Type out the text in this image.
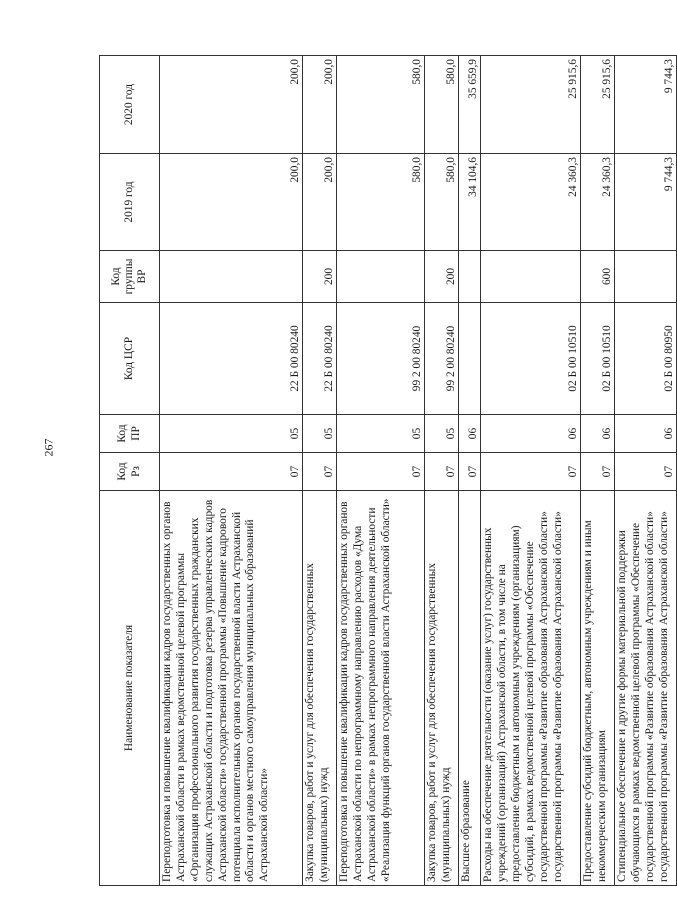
267
Наименование показателя	Код Рз	Код ПР	Код ЦСР	Код группы ВР	2019 год	2020 год
Переподготовка и повышение квалификации кадров государственных органов Астраханской области в рамках ведомственной целевой программы «Организация профессионального развития государственных гражданских служащих Астраханской области и подготовка резерва управленческих кадров Астраханской области» государственной программы «Повышение кадрового потенциала исполнительных органов государственной власти Астраханской области и органов местного самоуправления муниципальных образований Астраханской области»	07	05	22 Б 00 80240		200,0	200,0
Закупка товаров, работ и услуг для обеспечения государственных (муниципальных) нужд	07	05	22 Б 00 80240	200	200,0	200,0
Переподготовка и повышение квалификации кадров государственных органов Астраханской области по непрограммному направлению расходов «Дума Астраханской области» в рамках непрограммного направления деятельности «Реализация функций органов государственной власти Астраханской области»	07	05	99 2 00 80240		580,0	580,0
Закупка товаров, работ и услуг для обеспечения государственных (муниципальных) нужд	07	05	99 2 00 80240	200	580,0	580,0
Высшее образование	07	06			34 104,6	35 659,9
Расходы на обеспечение деятельности (оказание услуг) государственных учреждений (организаций) Астраханской области, в том числе на предоставление бюджетным и автономным учреждениям (организациям) субсидий, в рамках ведомственной целевой программы «Обеспечение государственной программы «Развитие образования Астраханской области» государственной программы «Развитие образования Астраханской области»	07	06	02 Б 00 10510		24 360,3	25 915,6
Предоставление субсидий бюджетным, автономным учреждениям и иным некоммерческим организациям	07	06	02 Б 00 10510	600	24 360,3	25 915,6
Стипендиальное обеспечение и другие формы материальной поддержки обучающихся в рамках ведомственной целевой программы «Обеспечение государственной программы «Развитие образования Астраханской области» государственной программы «Развитие образования Астраханской области»	07	06	02 Б 00 80950		9 744,3	9 744,3
